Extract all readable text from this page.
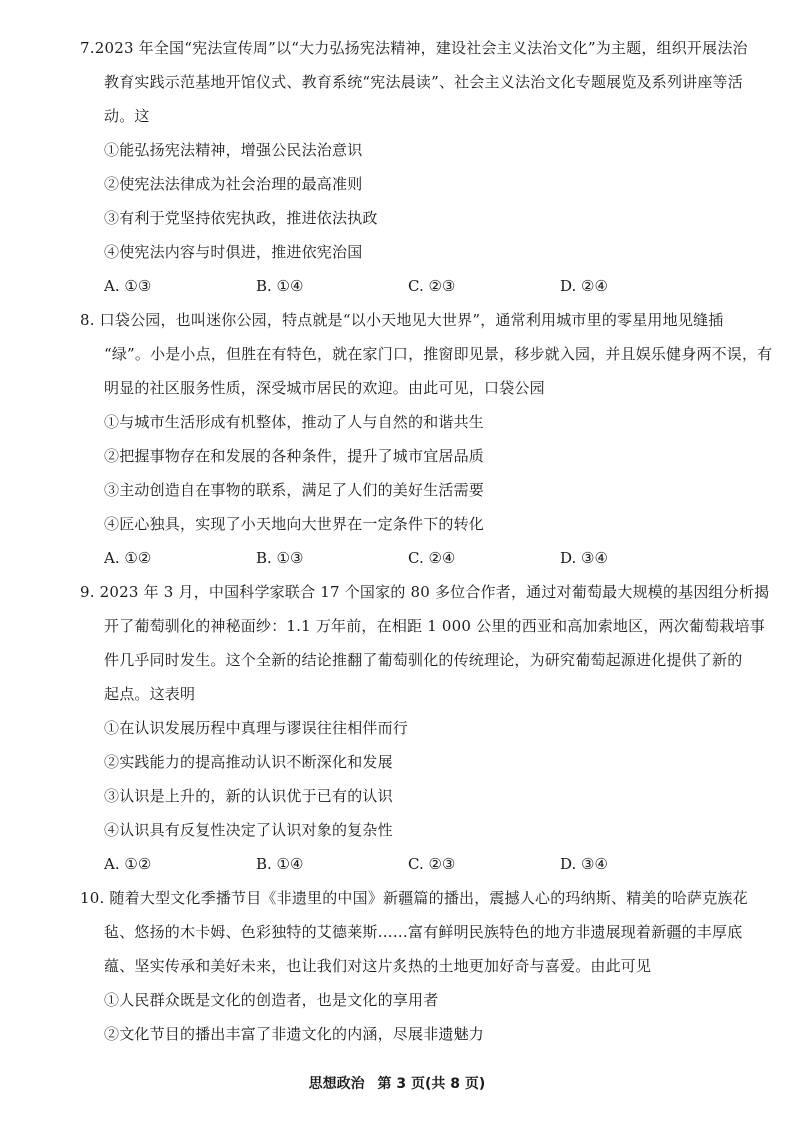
7.2023 年全国“宪法宣传周”以“大力弘扬宪法精神，建设社会主义法治文化”为主题，组织开展法治
教育实践示范基地开馆仪式、教育系统“宪法晨读”、社会主义法治文化专题展览及系列讲座等活
动。这
①能弘扬宪法精神，增强公民法治意识
②使宪法法律成为社会治理的最高准则
③有利于党坚持依宪执政，推进依法执政
④使宪法内容与时俱进，推进依宪治国
A. ①③	B. ①④	C. ②③	D. ②④
8. 口袋公园，也叫迷你公园，特点就是“以小天地见大世界”，通常利用城市里的零星用地见缝插
“绿”。小是小点，但胜在有特色，就在家门口，推窗即见景，移步就入园，并且娱乐健身两不误，有
明显的社区服务性质，深受城市居民的欢迎。由此可见，口袋公园
①与城市生活形成有机整体，推动了人与自然的和谐共生
②把握事物存在和发展的各种条件，提升了城市宜居品质
③主动创造自在事物的联系，满足了人们的美好生活需要
④匠心独具，实现了小天地向大世界在一定条件下的转化
A. ①②	B. ①③	C. ②④	D. ③④
9. 2023 年 3 月，中国科学家联合 17 个国家的 80 多位合作者，通过对葡萄最大规模的基因组分析揭
开了葡萄驯化的神秘面纱：1.1 万年前，在相距 1 000 公里的西亚和高加索地区，两次葡萄栽培事
件几乎同时发生。这个全新的结论推翻了葡萄驯化的传统理论，为研究葡萄起源进化提供了新的
起点。这表明
①在认识发展历程中真理与谬误往往相伴而行
②实践能力的提高推动认识不断深化和发展
③认识是上升的，新的认识优于已有的认识
④认识具有反复性决定了认识对象的复杂性
A. ①②	B. ①④	C. ②③	D. ③④
10. 随着大型文化季播节目《非遗里的中国》新疆篇的播出，震撼人心的玛纳斯、精美的哈萨克族花
毡、悠扬的木卡姆、色彩独特的艾德莱斯……富有鲜明民族特色的地方非遗展现着新疆的丰厚底
蕴、坚实传承和美好未来，也让我们对这片炙热的土地更加好奇与喜爱。由此可见
①人民群众既是文化的创造者，也是文化的享用者
②文化节目的播出丰富了非遗文化的内涵，尽展非遗魅力
思想政治 第 3 页(共 8 页)
